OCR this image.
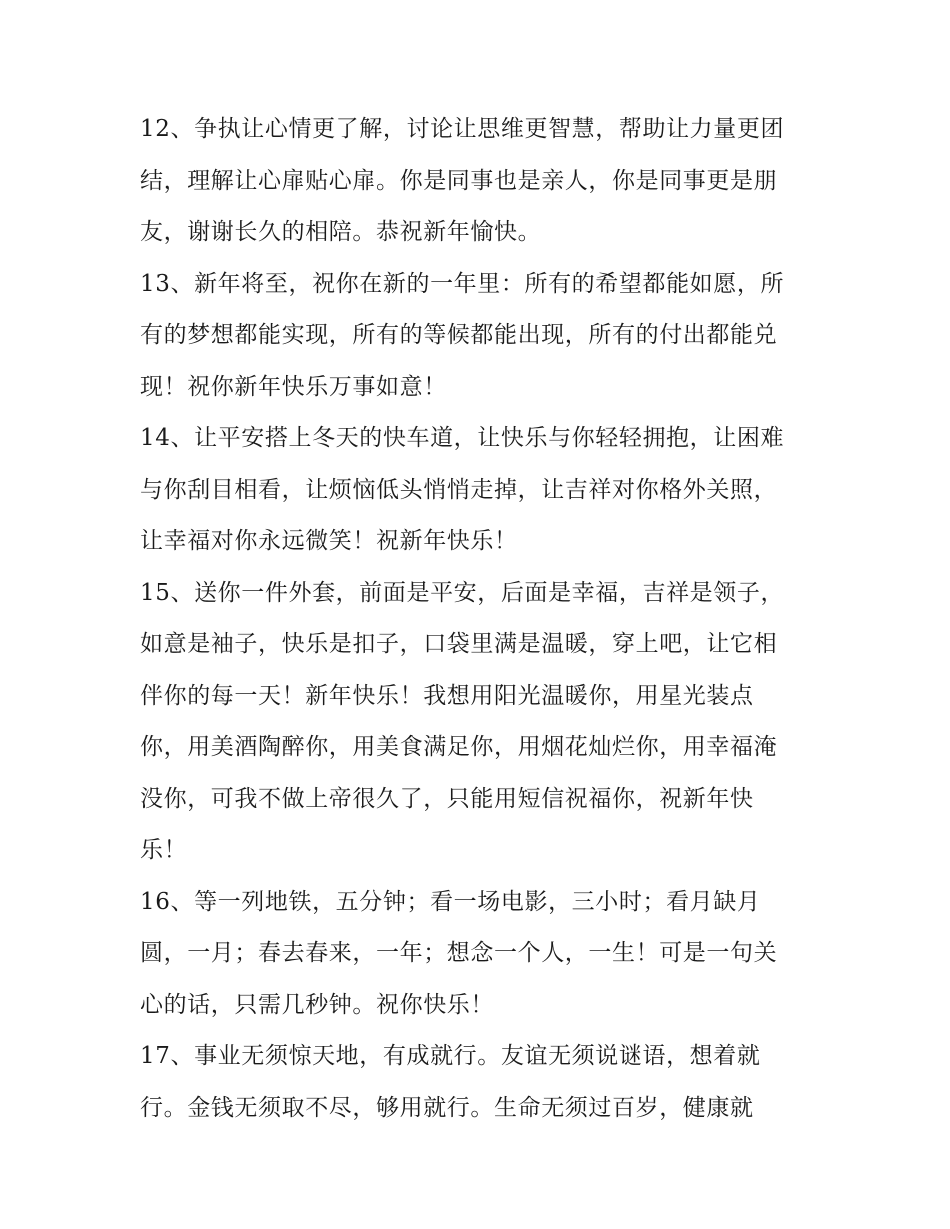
12、争执让心情更了解，讨论让思维更智慧，帮助让力量更团
结，理解让心扉贴心扉。你是同事也是亲人，你是同事更是朋
友，谢谢长久的相陪。恭祝新年愉快。
13、新年将至，祝你在新的一年里：所有的希望都能如愿，所
有的梦想都能实现，所有的等候都能出现，所有的付出都能兑
现！祝你新年快乐万事如意！
14、让平安搭上冬天的快车道，让快乐与你轻轻拥抱，让困难
与你刮目相看，让烦恼低头悄悄走掉，让吉祥对你格外关照，
让幸福对你永远微笑！祝新年快乐！
15、送你一件外套，前面是平安，后面是幸福，吉祥是领子，
如意是袖子，快乐是扣子，口袋里满是温暖，穿上吧，让它相
伴你的每一天！新年快乐！我想用阳光温暖你，用星光装点
你，用美酒陶醉你，用美食满足你，用烟花灿烂你，用幸福淹
没你，可我不做上帝很久了，只能用短信祝福你，祝新年快
乐！
16、等一列地铁，五分钟；看一场电影，三小时；看月缺月
圆，一月；春去春来，一年；想念一个人，一生！可是一句关
心的话，只需几秒钟。祝你快乐！
17、事业无须惊天地，有成就行。友谊无须说谜语，想着就
行。金钱无须取不尽，够用就行。生命无须过百岁，健康就
